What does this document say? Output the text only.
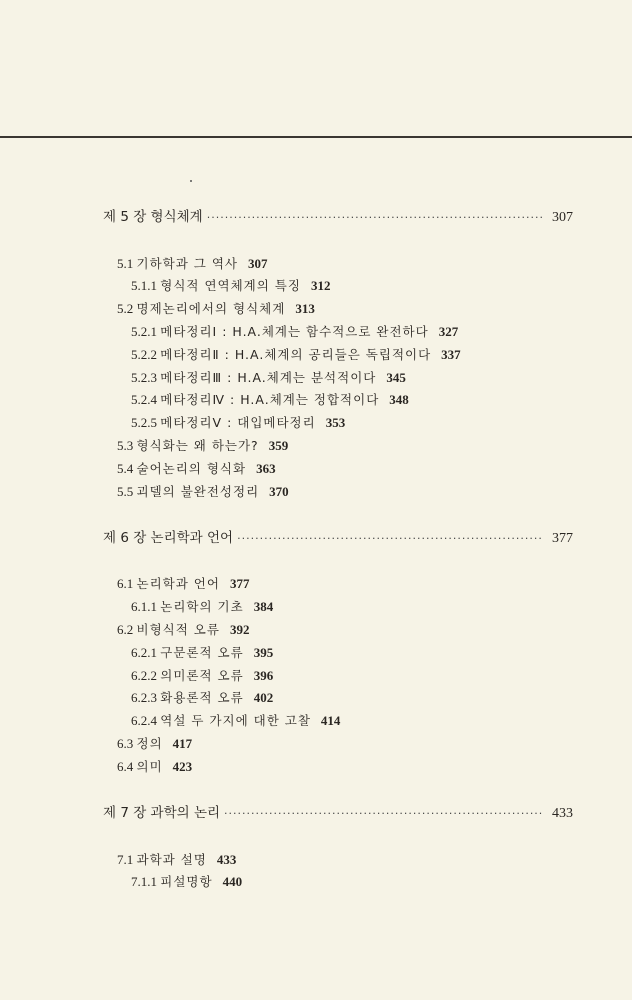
제 5 장 형식체계 ·····	307
5.1 기하학과 그 역사 307
5.1.1 형식적 연역체계의 특징 312
5.2 명제논리에서의 형식체계 313
5.2.1 메타정리Ⅰ : H.A.체계는 함수적으로 완전하다 327
5.2.2 메타정리Ⅱ : H.A.체계의 공리들은 독립적이다 337
5.2.3 메타정리Ⅲ : H.A.체계는 분석적이다 345
5.2.4 메타정리Ⅳ : H.A.체계는 정합적이다 348
5.2.5 메타정리Ⅴ : 대입메타정리 353
5.3 형식화는 왜 하는가? 359
5.4 술어논리의 형식화 363
5.5 괴델의 불완전성정리 370
제 6 장 논리학과 언어 ·····	377
6.1 논리학과 언어 377
6.1.1 논리학의 기초 384
6.2 비형식적 오류 392
6.2.1 구문론적 오류 395
6.2.2 의미론적 오류 396
6.2.3 화용론적 오류 402
6.2.4 역설 두 가지에 대한 고찰 414
6.3 정의 417
6.4 의미 423
제 7 장 과학의 논리 ·····	433
7.1 과학과 설명 433
7.1.1 피설명항 440
